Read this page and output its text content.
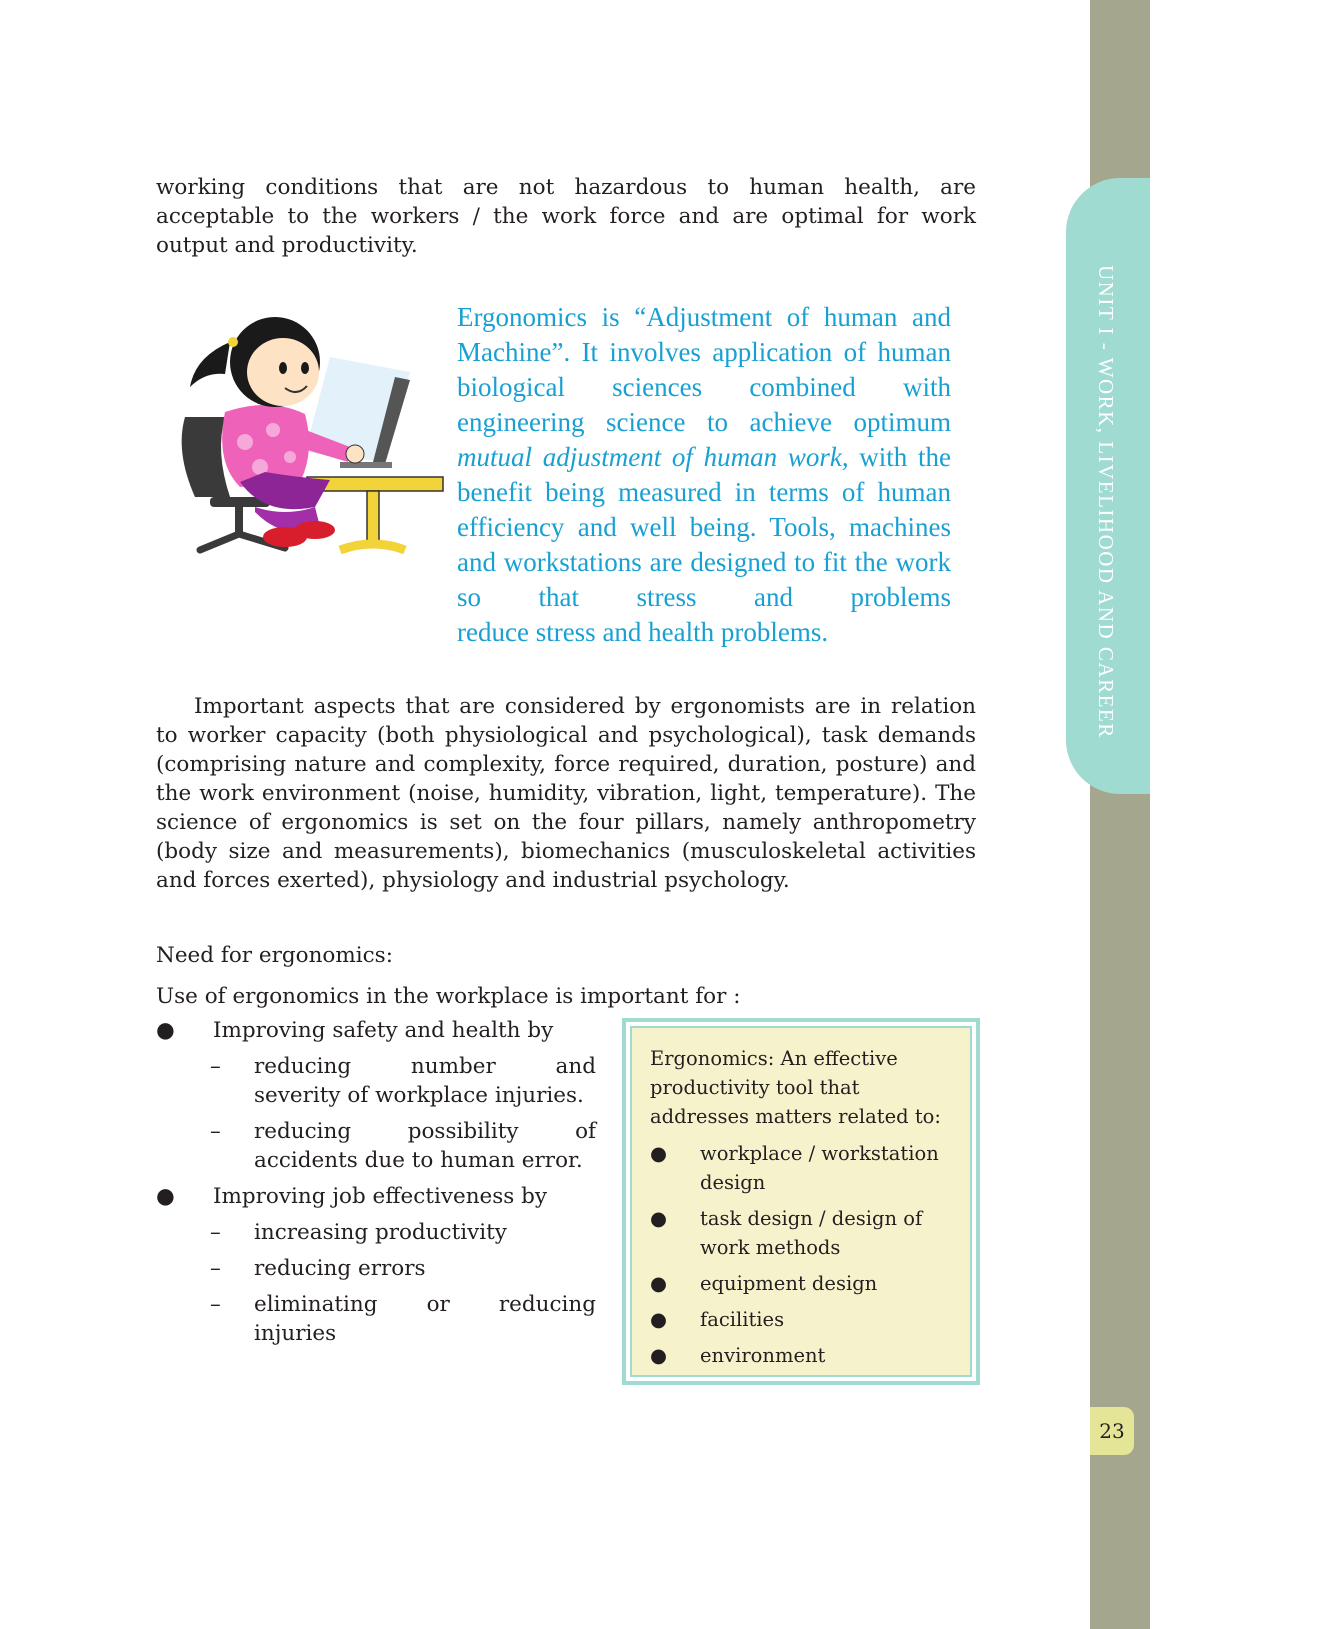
UNIT I - WORK, LIVELIHOOD AND CAREER
23

working conditions that are not hazardous to human health, are acceptable to the workers / the work force and are optimal for work output and productivity.

Ergonomics is “Adjustment of human and Machine”. It involves application of human biological sciences combined with engineering science to achieve optimum mutual adjustment of human work, with the benefit being measured in terms of human efficiency and well being. Tools, machines and workstations are designed to fit the work so that stress and problems
reduce stress and health problems.

Important aspects that are considered by ergonomists are in relation to worker capacity (both physiological and psychological), task demands (comprising nature and complexity, force required, duration, posture) and the work environment (noise, humidity, vibration, light, temperature). The science of ergonomics is set on the four pillars, namely anthropometry (body size and measurements), biomechanics (musculoskeletal activities and forces exerted), physiology and industrial psychology.

Need for ergonomics:
Use of ergonomics in the workplace is important for :
● Improving safety and health by
– reducing number and
severity of workplace injuries.
– reducing possibility of
accidents due to human error.
● Improving job effectiveness by
– increasing productivity
– reducing errors
– eliminating or reducing
injuries

Ergonomics: An effective productivity tool that addresses matters related to:

● workplace / workstation design
● task design / design of work methods
● equipment design
● facilities
● environment
